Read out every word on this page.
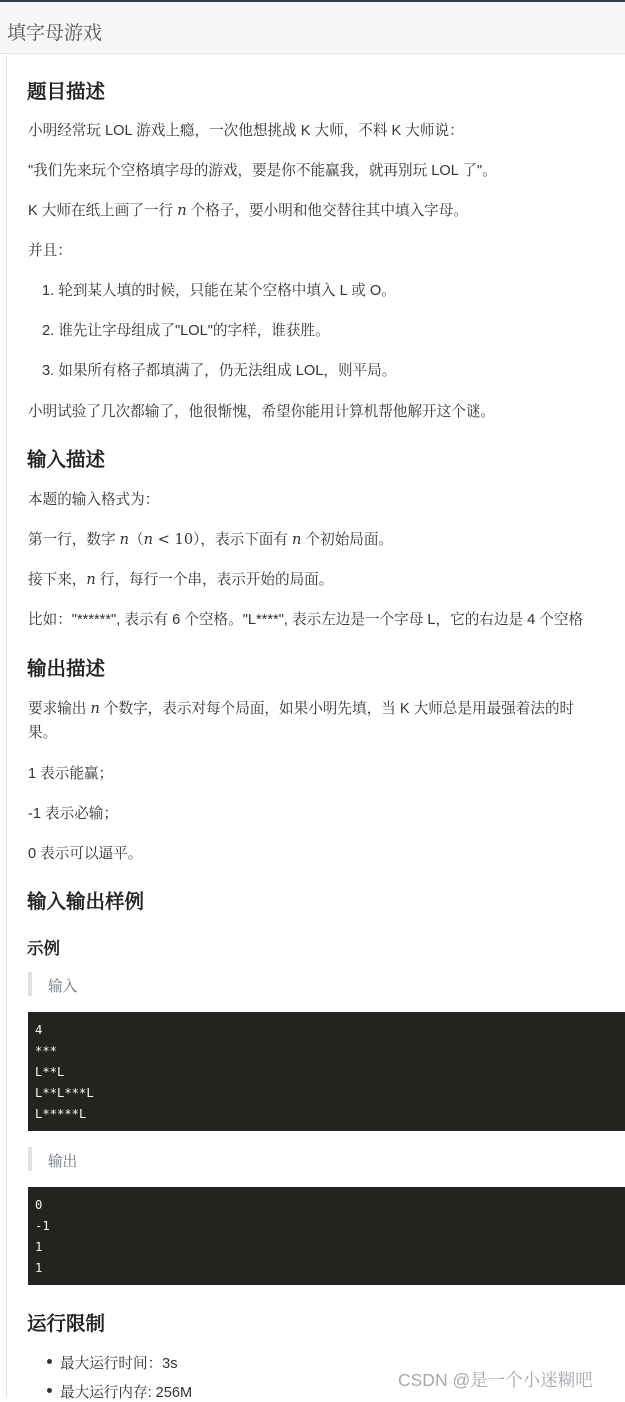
填字母游戏
题目描述
小明经常玩 LOL 游戏上瘾，一次他想挑战 K 大师，不料 K 大师说：
"我们先来玩个空格填字母的游戏，要是你不能赢我，就再别玩 LOL 了"。
K 大师在纸上画了一行 n 个格子，要小明和他交替往其中填入字母。
并且：
1. 轮到某人填的时候，只能在某个空格中填入 L 或 O。
2. 谁先让字母组成了"LOL"的字样，谁获胜。
3. 如果所有格子都填满了，仍无法组成 LOL，则平局。
小明试验了几次都输了，他很惭愧，希望你能用计算机帮他解开这个谜。
输入描述
本题的输入格式为：
第一行，数字 n（n < 10），表示下面有 n 个初始局面。
接下来，n 行，每行一个串，表示开始的局面。
比如："******", 表示有 6 个空格。"L****", 表示左边是一个字母 L，它的右边是 4 个空格
输出描述
要求输出 n 个数字，表示对每个局面，如果小明先填，当 K 大师总是用最强着法的时
果。
1 表示能赢；
-1 表示必输；
0 表示可以逼平。
输入输出样例
示例
输入
4
***
L**L
L**L***L
L*****L
输出
0
-1
1
1
运行限制
最大运行时间：3s
最大运行内存: 256M
CSDN @是一个小迷糊吧
